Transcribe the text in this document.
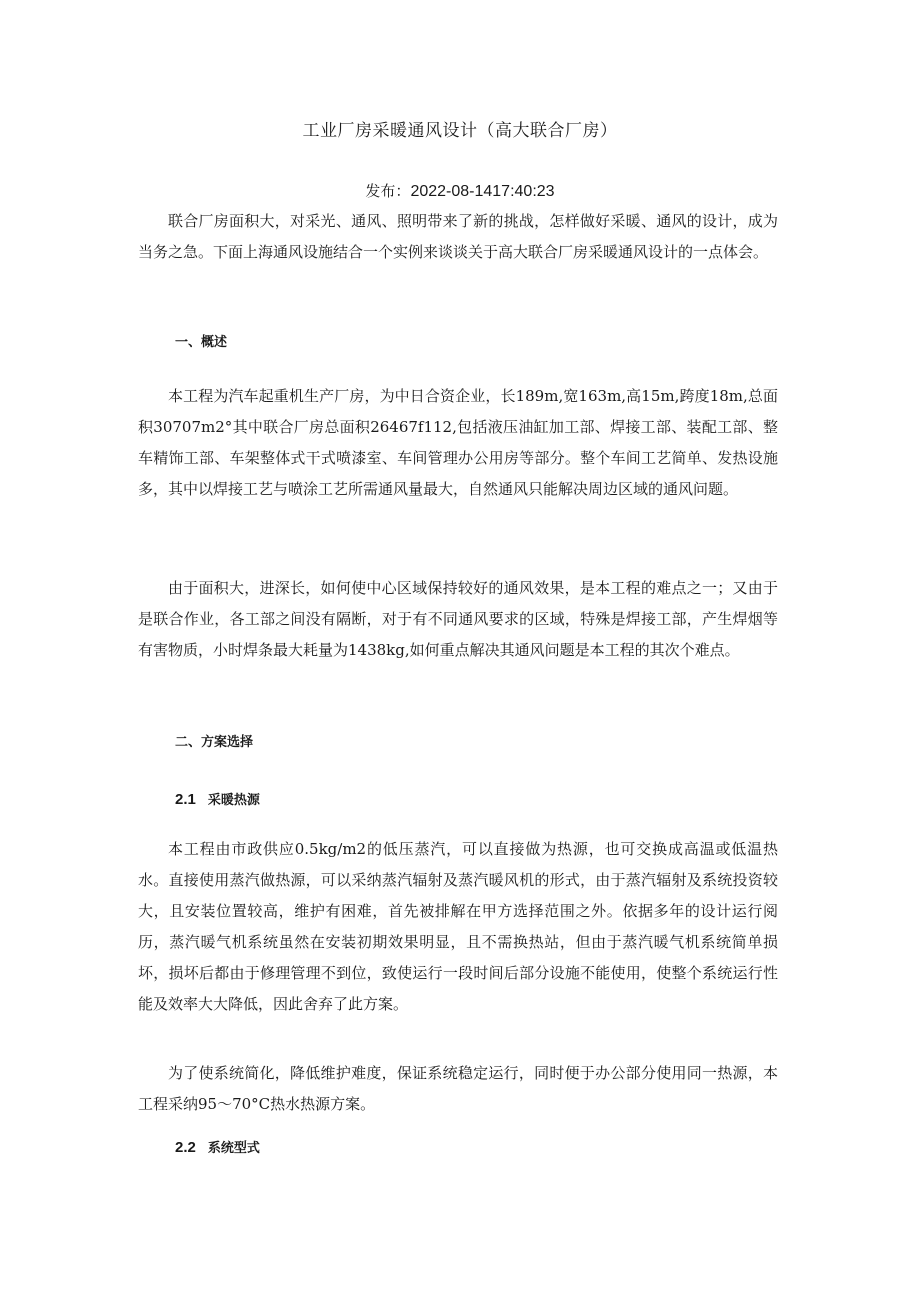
工业厂房采暖通风设计（高大联合厂房）
发布：2022-08-1417:40:23

联合厂房面积大，对采光、通风、照明带来了新的挑战，怎样做好采暖、通风的设计，成为当务之急。下面上海通风设施结合一个实例来谈谈关于高大联合厂房采暖通风设计的一点体会。

一、概述

本工程为汽车起重机生产厂房，为中日合资企业，长189m,宽163m,高15m,跨度18m,总面积30707m2°其中联合厂房总面积26467f112,包括液压油缸加工部、焊接工部、装配工部、整车精饰工部、车架整体式干式喷漆室、车间管理办公用房等部分。整个车间工艺简单、发热设施多，其中以焊接工艺与喷涂工艺所需通风量最大，自然通风只能解决周边区域的通风问题。

由于面积大，进深长，如何使中心区域保持较好的通风效果，是本工程的难点之一；又由于是联合作业，各工部之间没有隔断，对于有不同通风要求的区域，特殊是焊接工部，产生焊烟等有害物质，小时焊条最大耗量为1438kg,如何重点解决其通风问题是本工程的其次个难点。

二、方案选择
2.1 采暖热源

本工程由市政供应0.5kg∕m2的低压蒸汽，可以直接做为热源，也可交换成高温或低温热水。直接使用蒸汽做热源，可以采纳蒸汽辐射及蒸汽暖风机的形式，由于蒸汽辐射及系统投资较大，且安装位置较高，维护有困难，首先被排解在甲方选择范围之外。依据多年的设计运行阅历，蒸汽暖气机系统虽然在安装初期效果明显，且不需换热站，但由于蒸汽暖气机系统简单损坏，损坏后都由于修理管理不到位，致使运行一段时间后部分设施不能使用，使整个系统运行性能及效率大大降低，因此舍弃了此方案。

为了使系统简化，降低维护难度，保证系统稳定运行，同时便于办公部分使用同一热源，本工程采纳95～70°C热水热源方案。

2.2 系统型式
